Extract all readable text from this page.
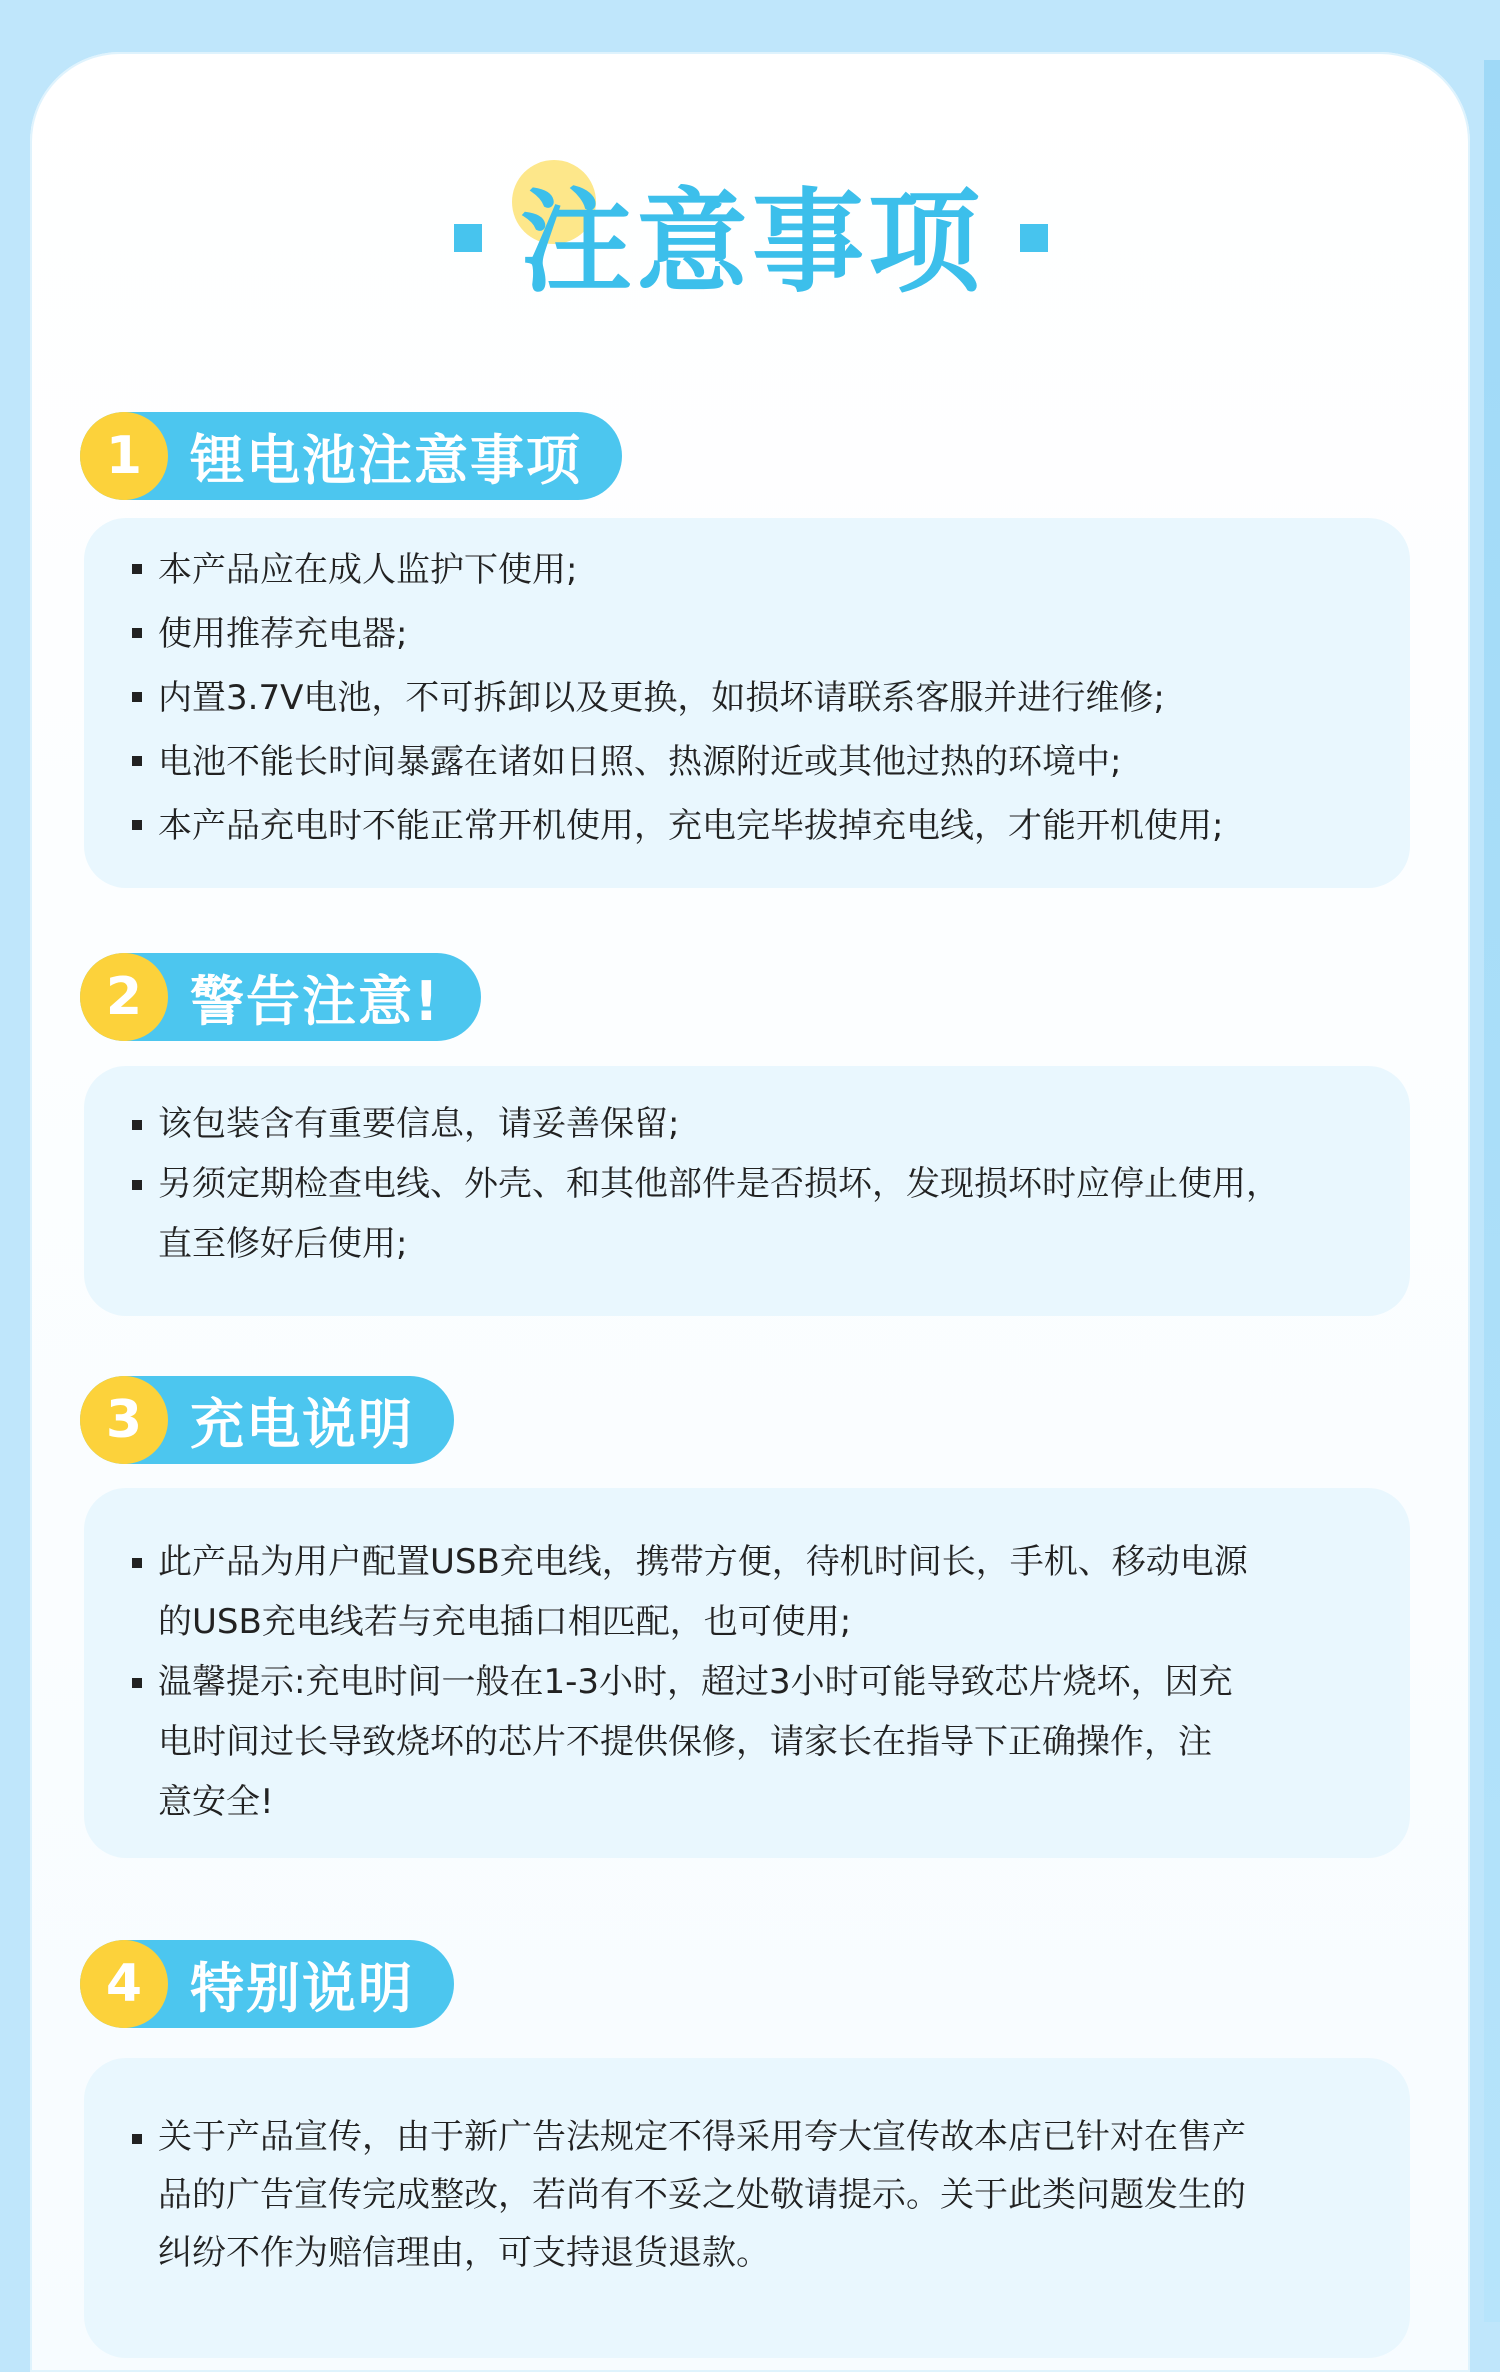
注意事项
1 锂电池注意事项
本产品应在成人监护下使用;
使用推荐充电器;
内置3.7V电池，不可拆卸以及更换，如损坏请联系客服并进行维修;
电池不能长时间暴露在诸如日照、热源附近或其他过热的环境中;
本产品充电时不能正常开机使用，充电完毕拔掉充电线，才能开机使用;
2 警告注意!
该包装含有重要信息，请妥善保留;
另须定期检查电线、外壳、和其他部件是否损坏，发现损坏时应停止使用，
直至修好后使用;
3 充电说明
此产品为用户配置USB充电线，携带方便，待机时间长，手机、移动电源
的USB充电线若与充电插口相匹配，也可使用;
温馨提示:充电时间一般在1-3小时，超过3小时可能导致芯片烧坏，因充
电时间过长导致烧坏的芯片不提供保修，请家长在指导下正确操作，注
意安全!
4 特别说明
关于产品宣传，由于新广告法规定不得采用夸大宣传故本店已针对在售产
品的广告宣传完成整改，若尚有不妥之处敬请提示。关于此类问题发生的
纠纷不作为赔信理由，可支持退货退款。
